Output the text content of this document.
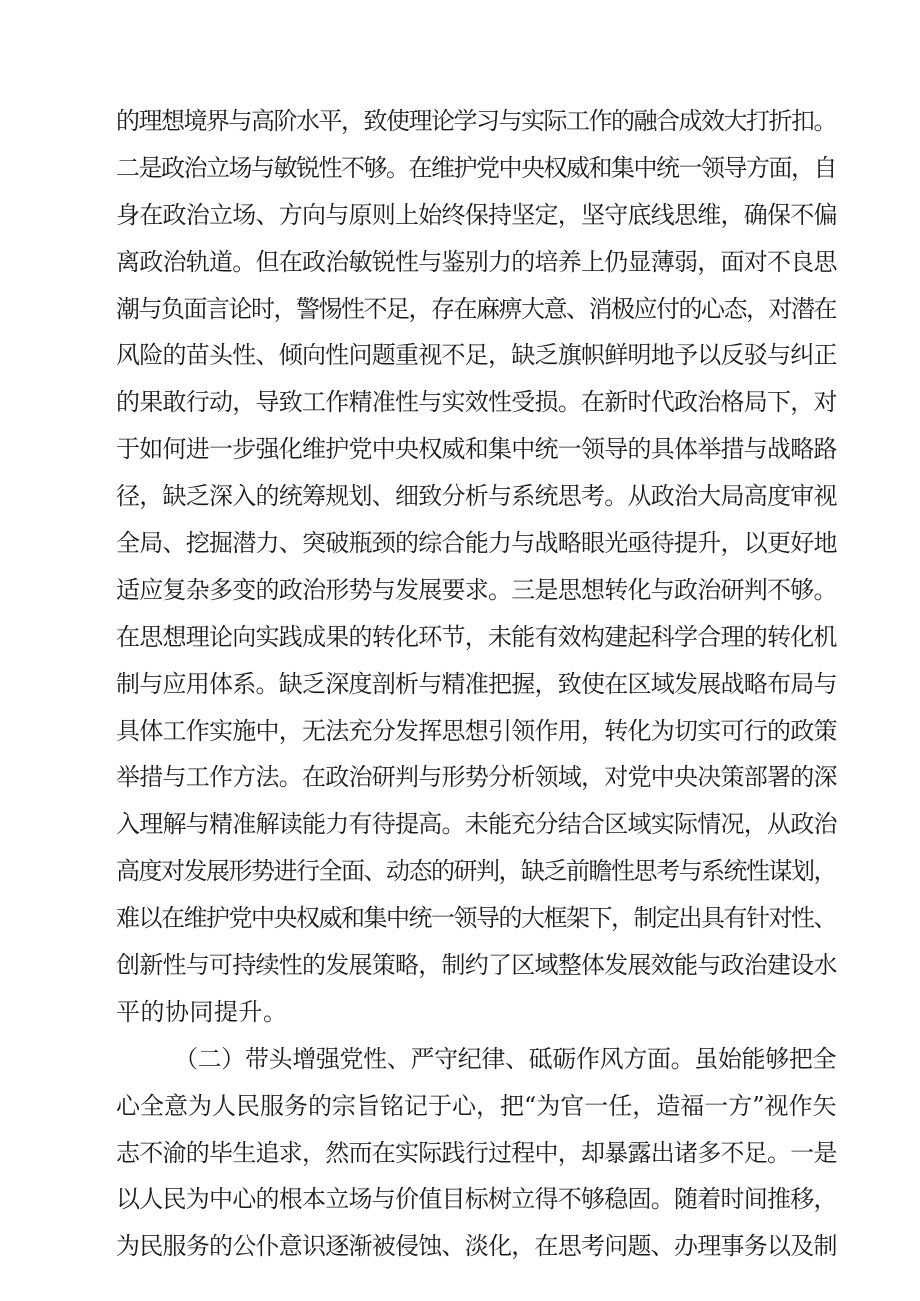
的理想境界与高阶水平，致使理论学习与实际工作的融合成效大打折扣。
二是政治立场与敏锐性不够。在维护党中央权威和集中统一领导方面，自
身在政治立场、方向与原则上始终保持坚定，坚守底线思维，确保不偏
离政治轨道。但在政治敏锐性与鉴别力的培养上仍显薄弱，面对不良思
潮与负面言论时，警惕性不足，存在麻痹大意、消极应付的心态，对潜在
风险的苗头性、倾向性问题重视不足，缺乏旗帜鲜明地予以反驳与纠正
的果敢行动，导致工作精准性与实效性受损。在新时代政治格局下，对
于如何进一步强化维护党中央权威和集中统一领导的具体举措与战略路
径，缺乏深入的统筹规划、细致分析与系统思考。从政治大局高度审视
全局、挖掘潜力、突破瓶颈的综合能力与战略眼光亟待提升，以更好地
适应复杂多变的政治形势与发展要求。三是思想转化与政治研判不够。
在思想理论向实践成果的转化环节，未能有效构建起科学合理的转化机
制与应用体系。缺乏深度剖析与精准把握，致使在区域发展战略布局与
具体工作实施中，无法充分发挥思想引领作用，转化为切实可行的政策
举措与工作方法。在政治研判与形势分析领域，对党中央决策部署的深
入理解与精准解读能力有待提高。未能充分结合区域实际情况，从政治
高度对发展形势进行全面、动态的研判，缺乏前瞻性思考与系统性谋划，
难以在维护党中央权威和集中统一领导的大框架下，制定出具有针对性、
创新性与可持续性的发展策略，制约了区域整体发展效能与政治建设水
平的协同提升。
（二）带头增强党性、严守纪律、砥砺作风方面。虽始能够把全
心全意为人民服务的宗旨铭记于心，把“为官一任，造福一方”视作矢
志不渝的毕生追求，然而在实际践行过程中，却暴露出诸多不足。一是
以人民为中心的根本立场与价值目标树立得不够稳固。随着时间推移，
为民服务的公仆意识逐渐被侵蚀、淡化，在思考问题、办理事务以及制
